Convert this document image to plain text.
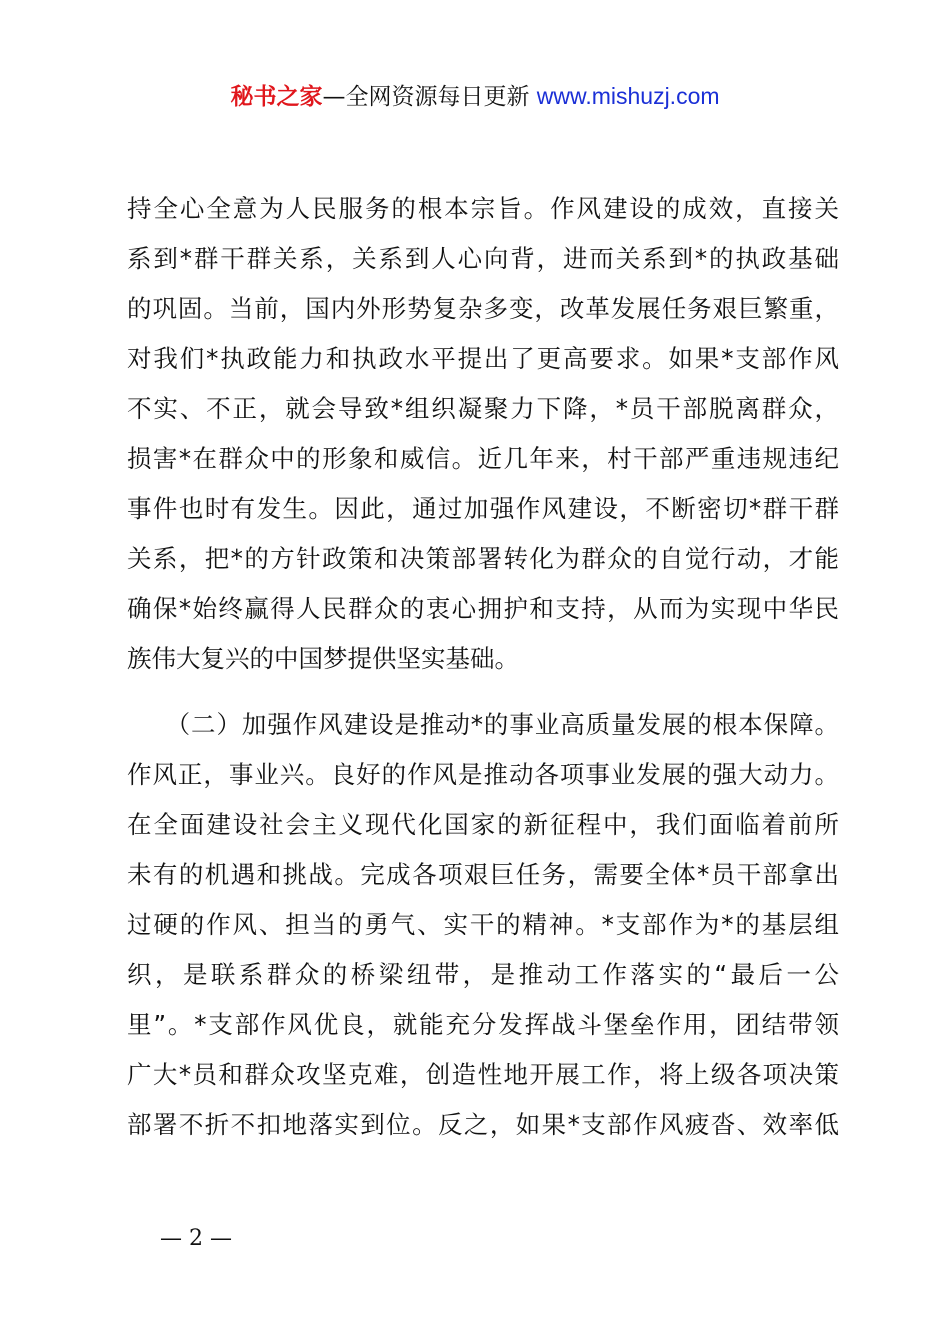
秘书之家—全网资源每日更新 www.mishuzj.com
持全心全意为人民服务的根本宗旨。作风建设的成效，直接关
系到*群干群关系，关系到人心向背，进而关系到*的执政基础
的巩固。当前，国内外形势复杂多变，改革发展任务艰巨繁重，
对我们*执政能力和执政水平提出了更高要求。如果*支部作风
不实、不正，就会导致*组织凝聚力下降，*员干部脱离群众，
损害*在群众中的形象和威信。近几年来，村干部严重违规违纪
事件也时有发生。因此，通过加强作风建设，不断密切*群干群
关系，把*的方针政策和决策部署转化为群众的自觉行动，才能
确保*始终赢得人民群众的衷心拥护和支持，从而为实现中华民
族伟大复兴的中国梦提供坚实基础。
　　（二）加强作风建设是推动*的事业高质量发展的根本保障。
作风正，事业兴。良好的作风是推动各项事业发展的强大动力。
在全面建设社会主义现代化国家的新征程中，我们面临着前所
未有的机遇和挑战。完成各项艰巨任务，需要全体*员干部拿出
过硬的作风、担当的勇气、实干的精神。*支部作为*的基层组
织，是联系群众的桥梁纽带，是推动工作落实的“最后一公
里”。*支部作风优良，就能充分发挥战斗堡垒作用，团结带领
广大*员和群众攻坚克难，创造性地开展工作，将上级各项决策
部署不折不扣地落实到位。反之，如果*支部作风疲沓、效率低
— 2 —
